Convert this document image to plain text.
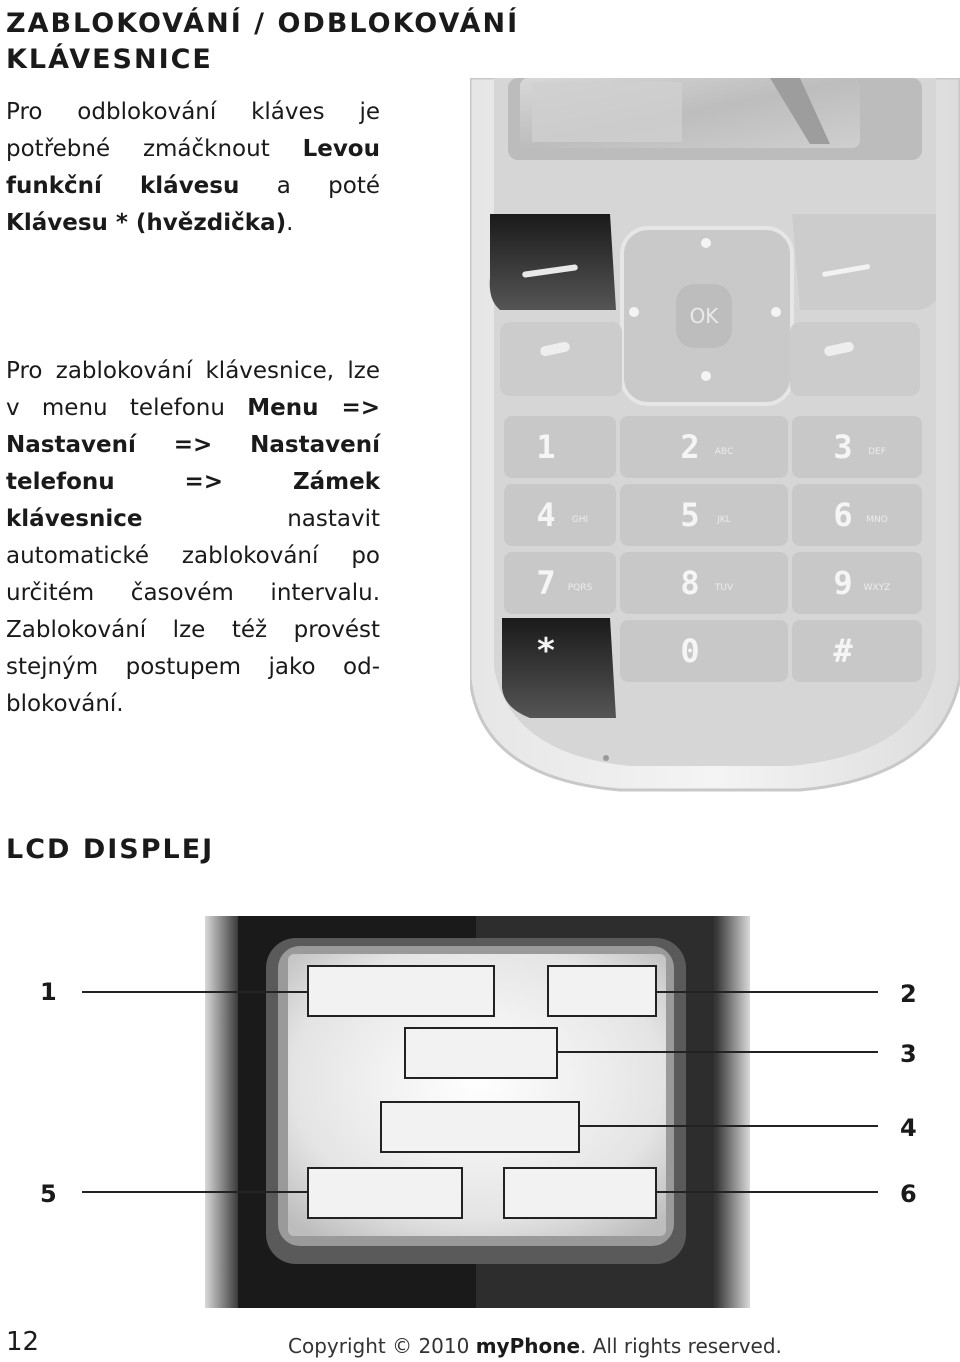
ZABLOKOVÁNÍ / ODBLOKOVÁNÍ KLÁVESNICE

Pro odblokování kláves je potřebné zmáčknout Levou funkční klávesu a poté Klávesu * (hvězdička).

Pro zablokování klávesnice, lze v menu telefonu Menu => Nastavení => Nastavení telefonu => Zámek klávesnice nastavit automatické zablokování po určitém časovém intervalu. Zablokování lze též provést stejným postupem jako odblokování.

OK
1	2 ABC	3 DEF
4 GHI	5 JKL	6 MNO
7 PQRS	8 TUV	9 WXYZ
*	0	#
LCD DISPLEJ
1	2
3
4
5	6
12	Copyright © 2010 myPhone. All rights reserved.
